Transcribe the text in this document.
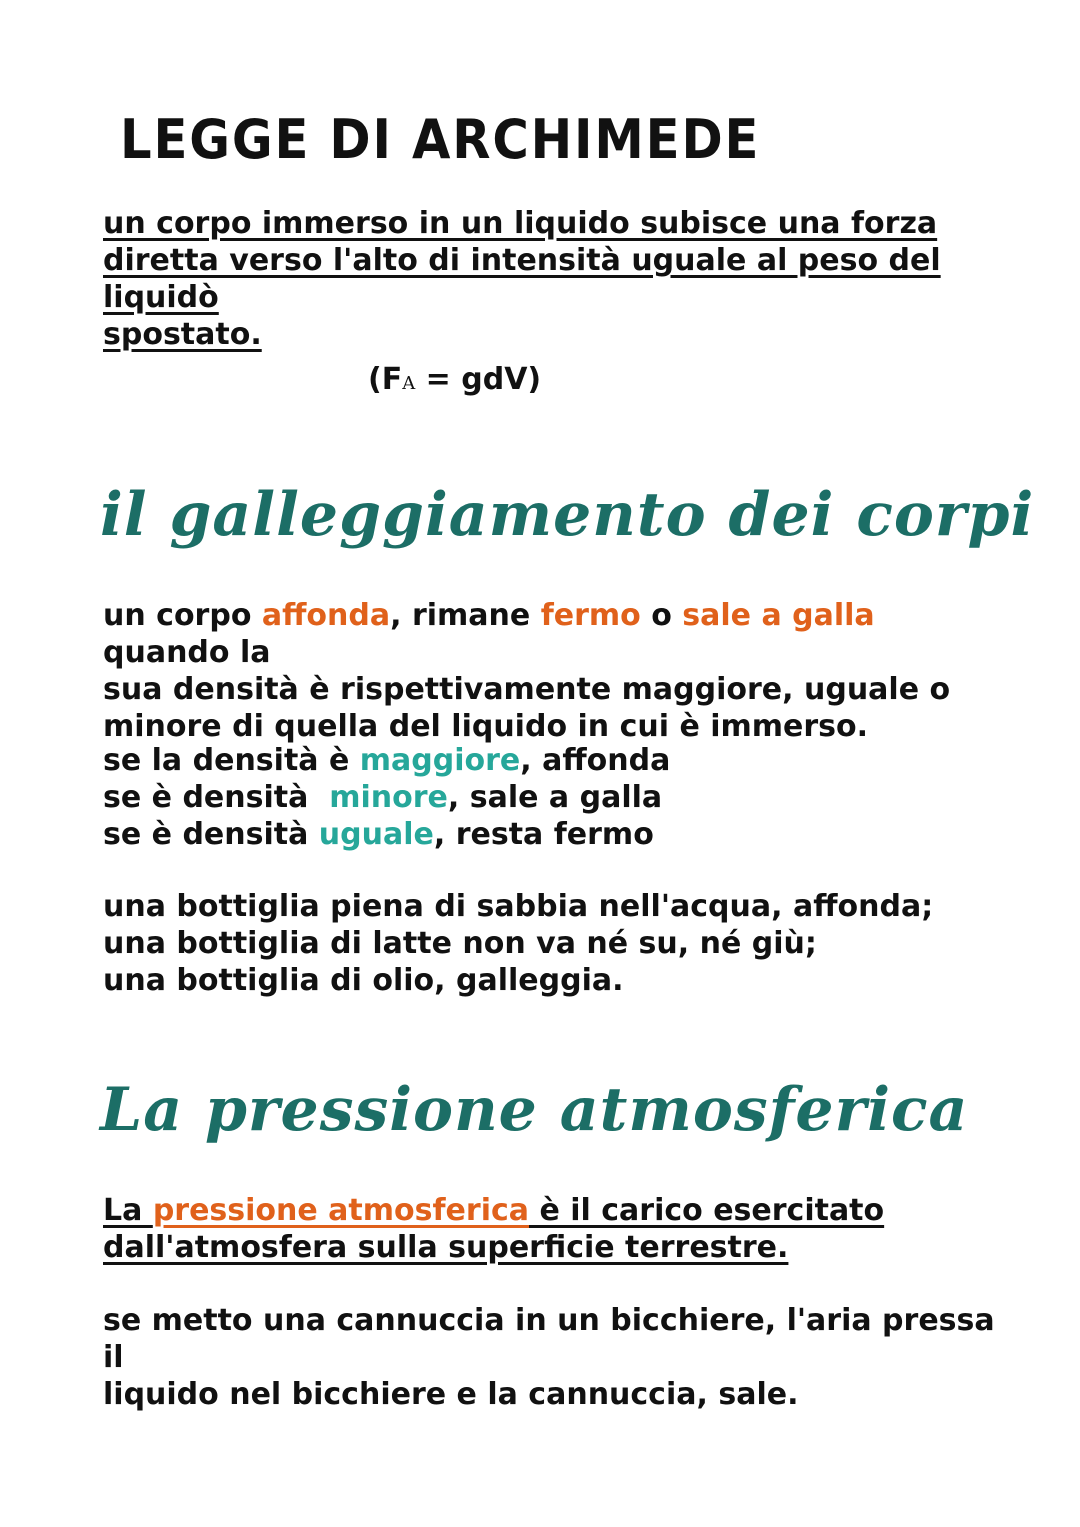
LEGGE DI ARCHIMEDE
un corpo immerso in un liquido subisce una forza
diretta verso l'alto di intensità uguale al peso del liquidò
spostato.
(FA = gdV)
il galleggiamento dei corpi
un corpo affonda, rimane fermo o sale a galla quando la
sua densità è rispettivamente maggiore, uguale o
minore di quella del liquido in cui è immerso.
se la densità è maggiore, affonda
se è densità  minore, sale a galla
se è densità uguale, resta fermo
una bottiglia piena di sabbia nell'acqua, affonda;
una bottiglia di latte non va né su, né giù;
una bottiglia di olio, galleggia.
La pressione atmosferica
La pressione atmosferica è il carico esercitato
dall'atmosfera sulla superficie terrestre.
se metto una cannuccia in un bicchiere, l'aria pressa il
liquido nel bicchiere e la cannuccia, sale.
